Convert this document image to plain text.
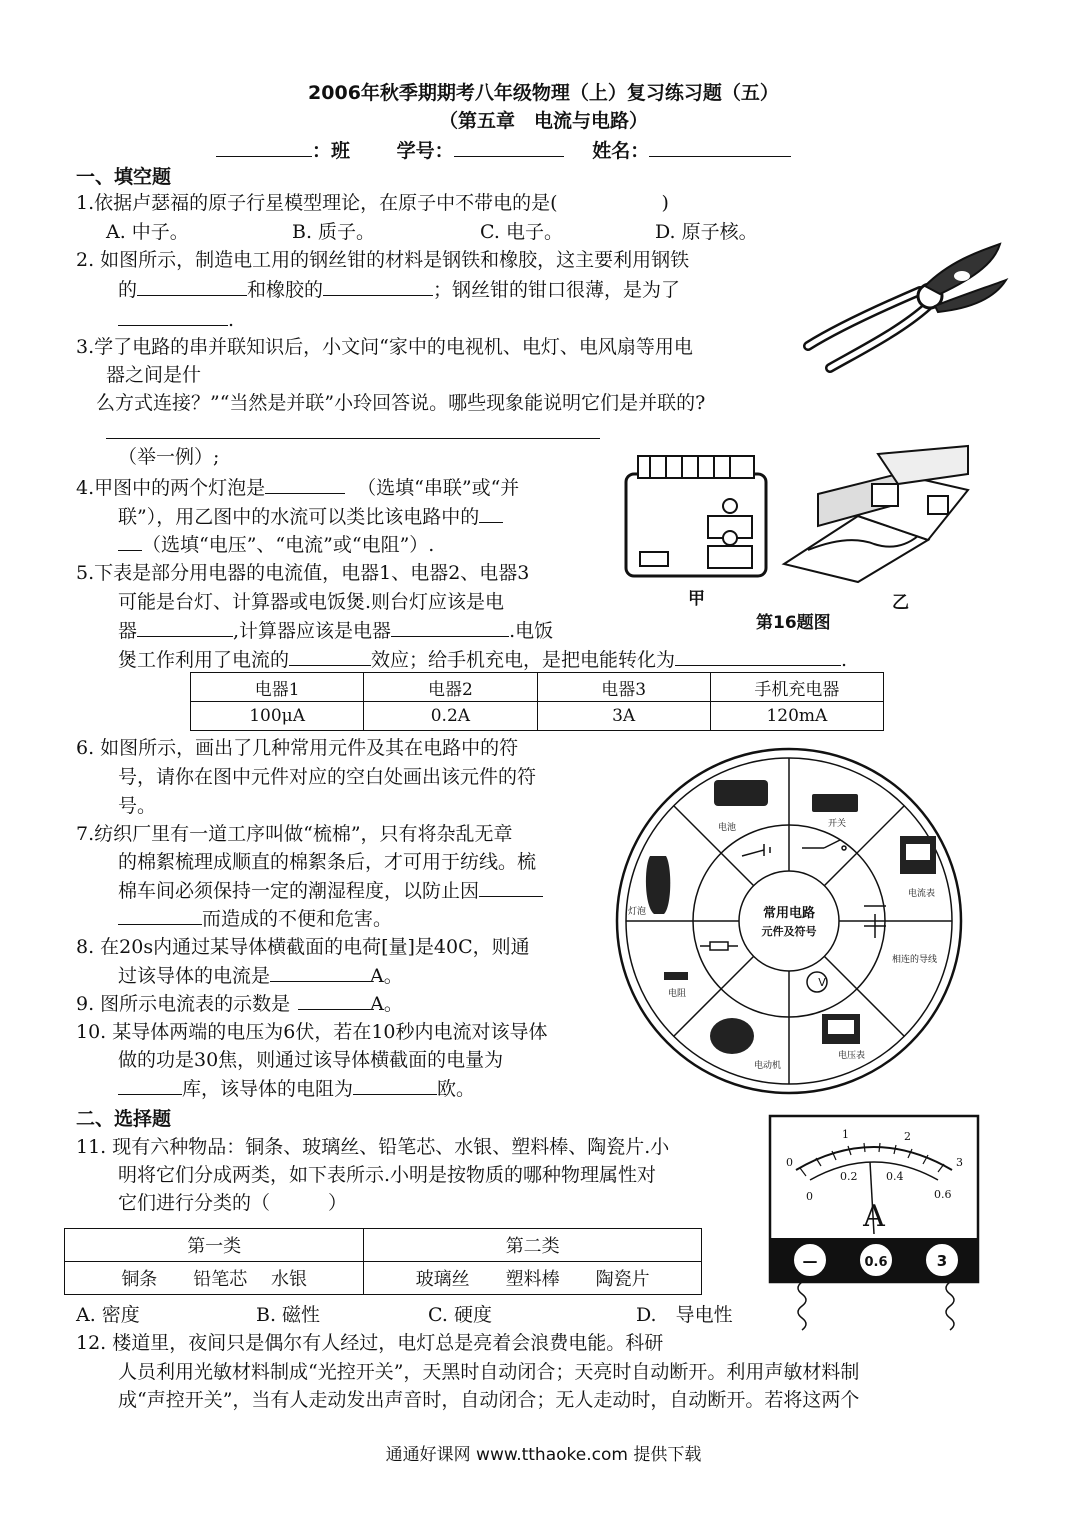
2006年秋季期期考八年级物理（上）复习练习题（五）
（第五章　电流与电路）
：班 学号：	姓名：
一、填空题
1.依据卢瑟福的原子行星模型理论，在原子中不带电的是(	)
A. 中子。	B. 质子。	C. 电子。	D. 原子核。
2. 如图所示，制造电工用的钢丝钳的材料是钢铁和橡胶，这主要利用钢铁
的	和橡胶的	；钢丝钳的钳口很薄，是为了
.
3.学了电路的串并联知识后，小文问“家中的电视机、电灯、电风扇等用电
器之间是什
么方式连接？”“当然是并联”小玲回答说。哪些现象能说明它们是并联的?
（举一例）;
4.甲图中的两个灯泡是	（选填“串联”或“并
联”），用乙图中的水流可以类比该电路中的
（选填“电压”、“电流”或“电阻”）.
甲	乙
第16题图
5.下表是部分用电器的电流值，电器1、电器2、电器3
可能是台灯、计算器或电饭煲.则台灯应该是电
器	,计算器应该是电器	.电饭
煲工作利用了电流的	效应；给手机充电，是把电能转化为	.
电器1	电器2	电器3	手机充电器
100μA	0.2A	3A	120mA
6. 如图所示，画出了几种常用元件及其在电路中的符
号，请你在图中元件对应的空白处画出该元件的符
号。
7.纺织厂里有一道工序叫做“梳棉”，只有将杂乱无章
的棉絮梳理成顺直的棉絮条后，才可用于纺线。梳
棉车间必须保持一定的潮湿程度，以防止因
而造成的不便和危害。
8. 在20s内通过某导体横截面的电荷[量]是40C，则通
过该导体的电流是	A。
9. 图所示电流表的示数是	A。
10. 某导体两端的电压为6伏，若在10秒内电流对该导体
做的功是30焦，则通过该导体横截面的电量为
库，该导体的电阻为	欧。
V
常用电路
元件及符号
电池	开关
电流表
相连的导线
电压表
电动机
电阻
灯泡
二、选择题
11. 现有六种物品：铜条、玻璃丝、铅笔芯、水银、塑料棒、陶瓷片.小
明将它们分成两类，如下表所示.小明是按物质的哪种物理属性对
它们进行分类的（	）
第一类	第二类
铜条　　铅笔芯　 水银	玻璃丝　　塑料棒　　陶瓷片
A. 密度	B. 磁性	C. 硬度	D.　导电性
12. 楼道里，夜间只是偶尔有人经过，电灯总是亮着会浪费电能。科研
人员利用光敏材料制成“光控开关”，天黑时自动闭合；天亮时自动断开。利用声敏材料制
成“声控开关”，当有人走动发出声音时，自动闭合；无人走动时，自动断开。若将这两个
0
1	2
3
0
0.2	0.4
0.6
A
—	0.6	3
通通好课网 www.tthaoke.com 提供下载
